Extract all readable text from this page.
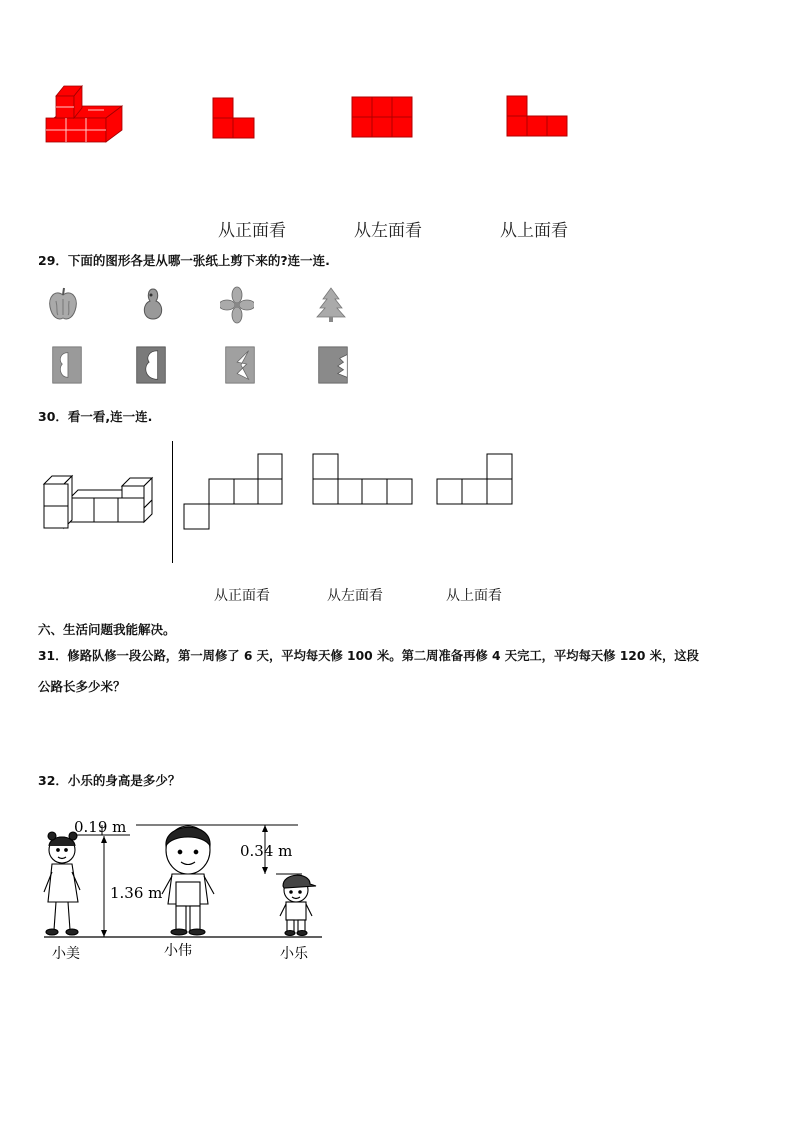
从正面看	从左面看	从上面看
29．下面的图形各是从哪一张纸上剪下来的?连一连.
30．看一看,连一连.
从正面看	从左面看	从上面看
六、生活问题我能解决。
31．修路队修一段公路，第一周修了 6 天，平均每天修 100 米。第二周准备再修 4 天完工，平均每天修 120 米，这段
公路长多少米？
32．小乐的身高是多少？
0.19 m
1.36 m
0.34 m
小美	小伟	小乐
